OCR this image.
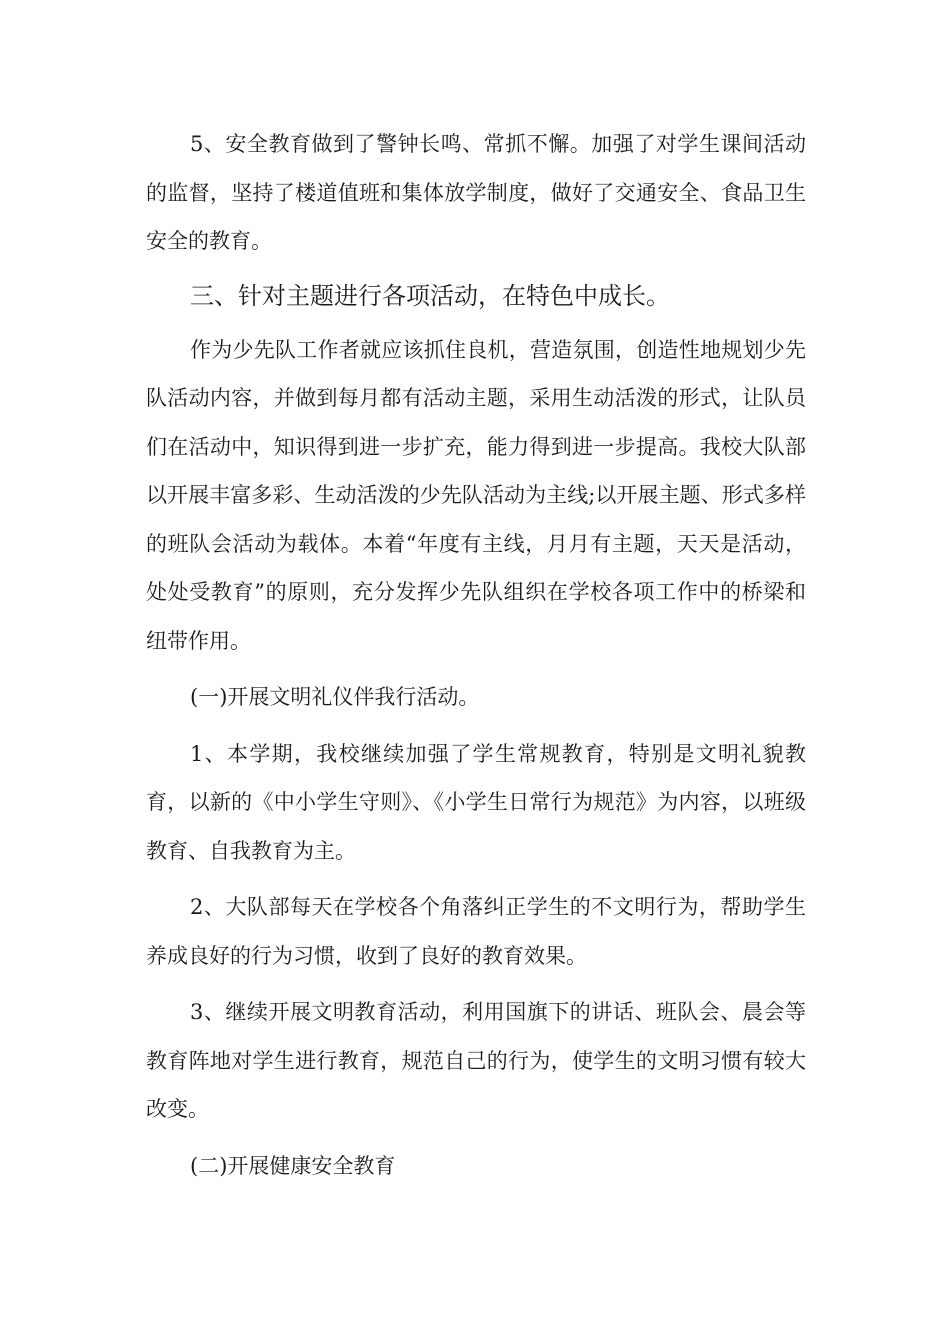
5、安全教育做到了警钟长鸣、常抓不懈。加强了对学生课间活动的监督，坚持了楼道值班和集体放学制度，做好了交通安全、食品卫生安全的教育。

三、针对主题进行各项活动，在特色中成长。

作为少先队工作者就应该抓住良机，营造氛围，创造性地规划少先队活动内容，并做到每月都有活动主题，采用生动活泼的形式，让队员们在活动中，知识得到进一步扩充，能力得到进一步提高。我校大队部以开展丰富多彩、生动活泼的少先队活动为主线;以开展主题、形式多样的班队会活动为载体。本着“年度有主线，月月有主题，天天是活动，处处受教育”的原则，充分发挥少先队组织在学校各项工作中的桥梁和纽带作用。

(一)开展文明礼仪伴我行活动。

1、本学期，我校继续加强了学生常规教育，特别是文明礼貌教育，以新的《中小学生守则》、《小学生日常行为规范》为内容，以班级教育、自我教育为主。

2、大队部每天在学校各个角落纠正学生的不文明行为，帮助学生养成良好的行为习惯，收到了良好的教育效果。

3、继续开展文明教育活动，利用国旗下的讲话、班队会、晨会等教育阵地对学生进行教育，规范自己的行为，使学生的文明习惯有较大改变。

(二)开展健康安全教育
